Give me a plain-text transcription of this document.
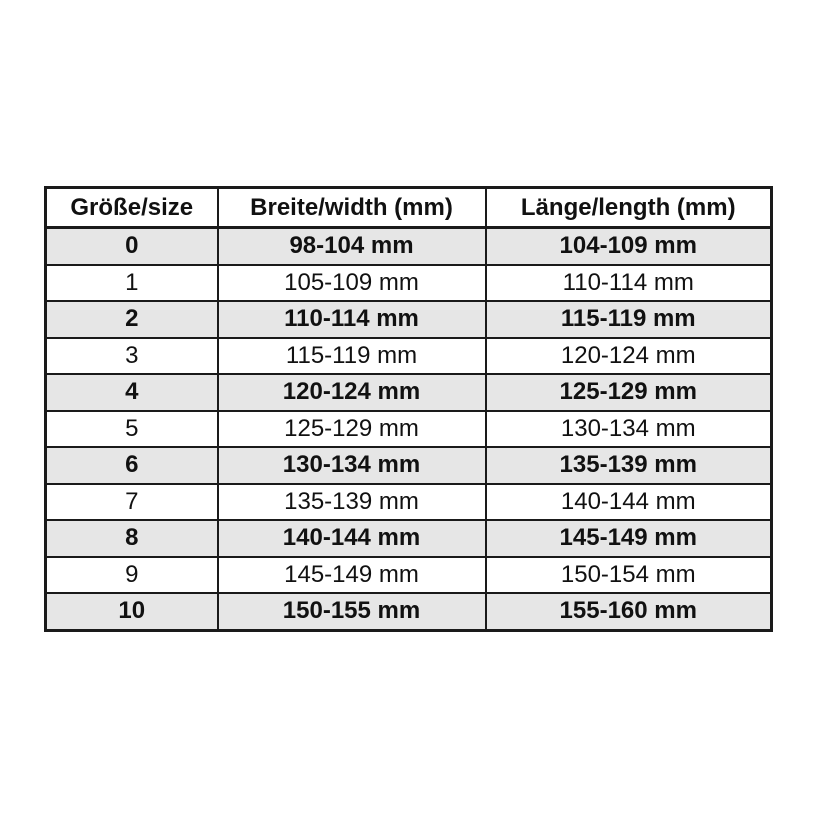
Größe/size	Breite/width (mm)	Länge/length (mm)
0	98-104 mm	104-109 mm
1	105-109 mm	110-114 mm
2	110-114 mm	115-119 mm
3	115-119 mm	120-124 mm
4	120-124 mm	125-129 mm
5	125-129 mm	130-134 mm
6	130-134 mm	135-139 mm
7	135-139 mm	140-144 mm
8	140-144 mm	145-149 mm
9	145-149 mm	150-154 mm
10	150-155 mm	155-160 mm
